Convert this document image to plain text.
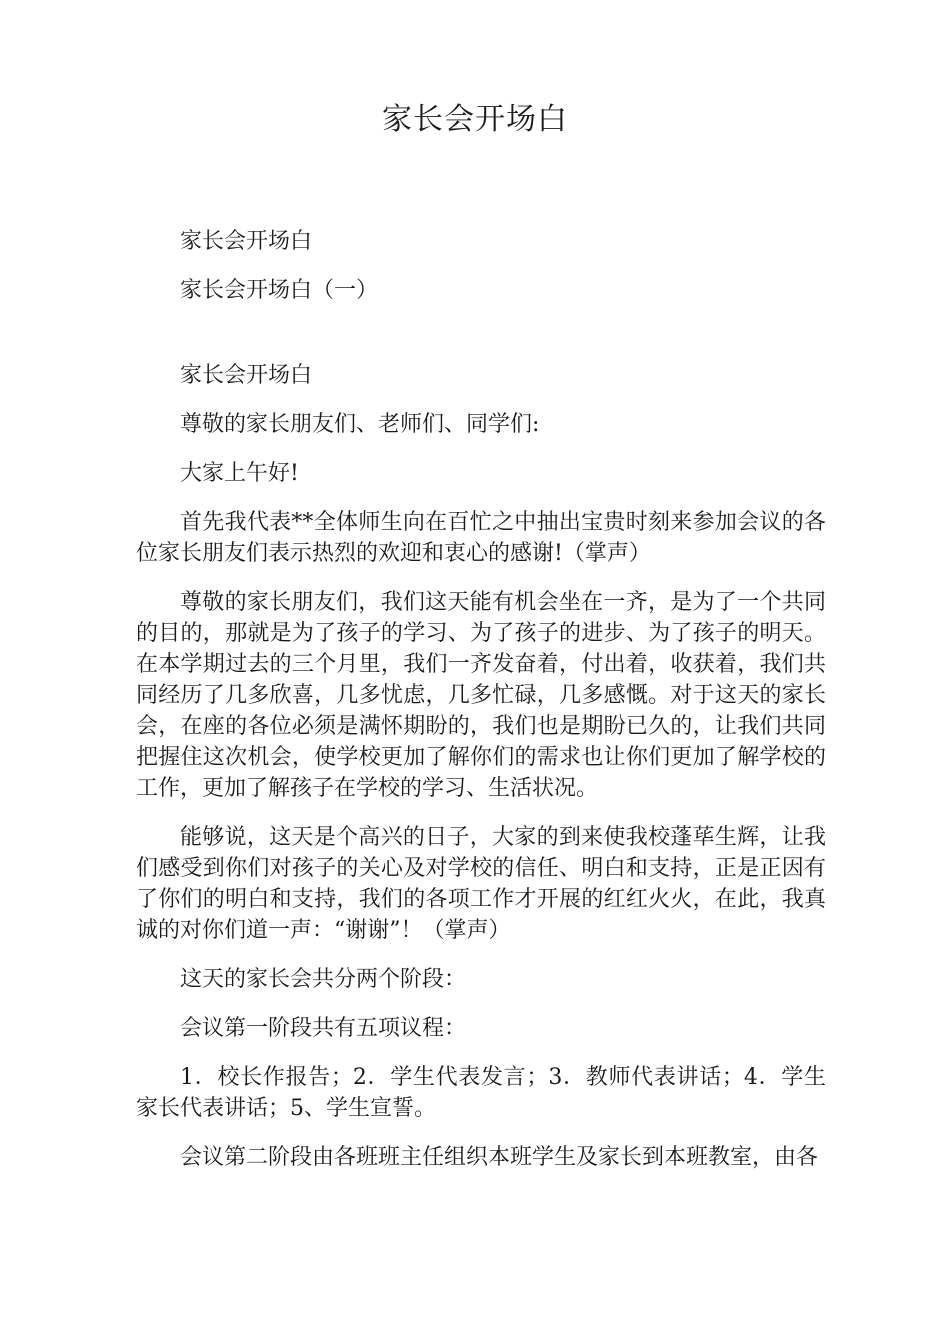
家长会开场白

家长会开场白

家长会开场白（一）

家长会开场白

尊敬的家长朋友们、老师们、同学们:

大家上午好!

首先我代表**全体师生向在百忙之中抽出宝贵时刻来参加会议的各位家长朋友们表示热烈的欢迎和衷心的感谢!（掌声）

尊敬的家长朋友们，我们这天能有机会坐在一齐，是为了一个共同的目的，那就是为了孩子的学习、为了孩子的进步、为了孩子的明天。在本学期过去的三个月里，我们一齐发奋着，付出着，收获着，我们共同经历了几多欣喜，几多忧虑，几多忙碌，几多感慨。对于这天的家长会，在座的各位必须是满怀期盼的，我们也是期盼已久的，让我们共同把握住这次机会，使学校更加了解你们的需求也让你们更加了解学校的工作，更加了解孩子在学校的学习、生活状况。

能够说，这天是个高兴的日子，大家的到来使我校蓬荜生辉，让我们感受到你们对孩子的关心及对学校的信任、明白和支持，正是正因有了你们的明白和支持，我们的各项工作才开展的红红火火，在此，我真诚的对你们道一声：“谢谢”！（掌声）

这天的家长会共分两个阶段：

会议第一阶段共有五项议程：

1．校长作报告；2．学生代表发言；3．教师代表讲话；4．学生家长代表讲话；5、学生宣誓。

会议第二阶段由各班班主任组织本班学生及家长到本班教室，由各
